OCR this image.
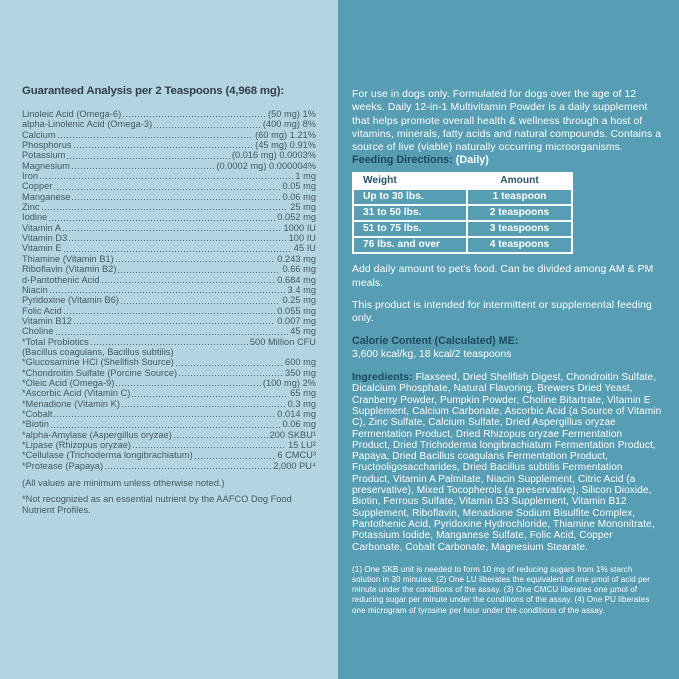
Guaranteed Analysis per 2 Teaspoons (4,968 mg):
Linoleic Acid (Omega-6)	(50 mg) 1%
alpha-Linolenic Acid (Omega-3)	(400 mg) 8%
Calcium	(60 mg) 1.21%
Phosphorus	(45 mg) 0.91%
Potassium	(0.016 mg) 0.0003%
Magnesium	(0.0002 mg) 0.000004%
Iron	1 mg
Copper	0.05 mg
Manganese	0.06 mg
Zinc	25 mg
Iodine	0.052 mg
Vitamin A	1000 IU
Vitamin D3	100 IU
Vitamin E	45 IU
Thiamine (Vitamin B1)	0.243 mg
Riboflavin (Vitamin B2)	0.66 mg
d-Pantothenic Acid	0.684 mg
Niacin	3.4 mg
Pyridoxine (Vitamin B6)	0.25 mg
Folic Acid	0.055 mg
Vitamin B12	0.007 mg
Choline	45 mg
*Total Probiotics	500 Million CFU
(Bacillus coagulans, Bacillus subtilis)
*Glucosamine HCl (Shellfish Source)	600 mg
*Chondroitin Sulfate (Porcine Source)	350 mg
*Oleic Acid (Omega-9)	(100 mg) 2%
*Ascorbic Acid (Vitamin C)	65 mg
*Menadione (Vitamin K)	0.3 mg
*Cobalt	0.014 mg
*Biotin	0.06 mg
*alpha-Amylase (Aspergillus oryzae)	200 SKBU¹
*Lipase (Rhizopus oryzae)	15 LU²
*Cellulase (Trichoderma longibrachiatum)	6 CMCU³
*Protease (Papaya)	2,000 PU⁴

(All values are minimum unless otherwise noted.)

*Not recognized as an essential nutrient by the AAFCO Dog Food Nutrient Profiles.

For use in dogs only. Formulated for dogs over the age of 12 weeks. Daily 12-in-1 Multivitamin Powder is a daily supplement that helps promote overall health & wellness through a host of vitamins, minerals, fatty acids and natural compounds. Contains a source of live (viable) naturally occurring microorganisms.

Feeding Directions: (Daily)

Weight	Amount
Up to 30 lbs.	1 teaspoon
31 to 50 lbs.	2 teaspoons
51 to 75 lbs.	3 teaspoons
76 lbs. and over	4 teaspoons

Add daily amount to pet's food. Can be divided among AM & PM meals.

This product is intended for intermittent or supplemental feeding only.

Calorie Content (Calculated) ME:
3,600 kcal/kg, 18 kcal/2 teaspoons

Ingredients: Flaxseed, Dried Shellfish Digest, Chondroitin Sulfate, Dicalcium Phosphate, Natural Flavoring, Brewers Dried Yeast, Cranberry Powder, Pumpkin Powder, Choline Bitartrate, Vitamin E Supplement, Calcium Carbonate, Ascorbic Acid (a Source of Vitamin C), Zinc Sulfate, Calcium Sulfate, Dried Aspergillus oryzae Fermentation Product, Dried Rhizopus oryzae Fermentation Product, Dried Trichoderma longibrachiatum Fermentation Product, Papaya, Dried Bacillus coagulans Fermentation Product, Fructooligosaccharides, Dried Bacillus subtilis Fermentation Product, Vitamin A Palmitate, Niacin Supplement, Citric Acid (a preservative), Mixed Tocopherols (a preservative), Silicon Dioxide, Biotin, Ferrous Sulfate, Vitamin D3 Supplement, Vitamin B12 Supplement, Riboflavin, Menadione Sodium Bisulfite Complex, Pantothenic Acid, Pyridoxine Hydrochloride, Thiamine Mononitrate, Potassium Iodide, Manganese Sulfate, Folic Acid, Copper Carbonate, Cobalt Carbonate, Magnesium Stearate.

(1) One SKB unit is needed to form 10 mg of reducing sugars from 1% starch solution in 30 minutes. (2) One LU liberates the equivalent of one µmol of acid per minute under the conditions of the assay. (3) One CMCU liberates one µmol of reducing sugar per minute under the conditions of the assay. (4) One PU liberates one microgram of tyrosine per hour under the conditions of the assay.
